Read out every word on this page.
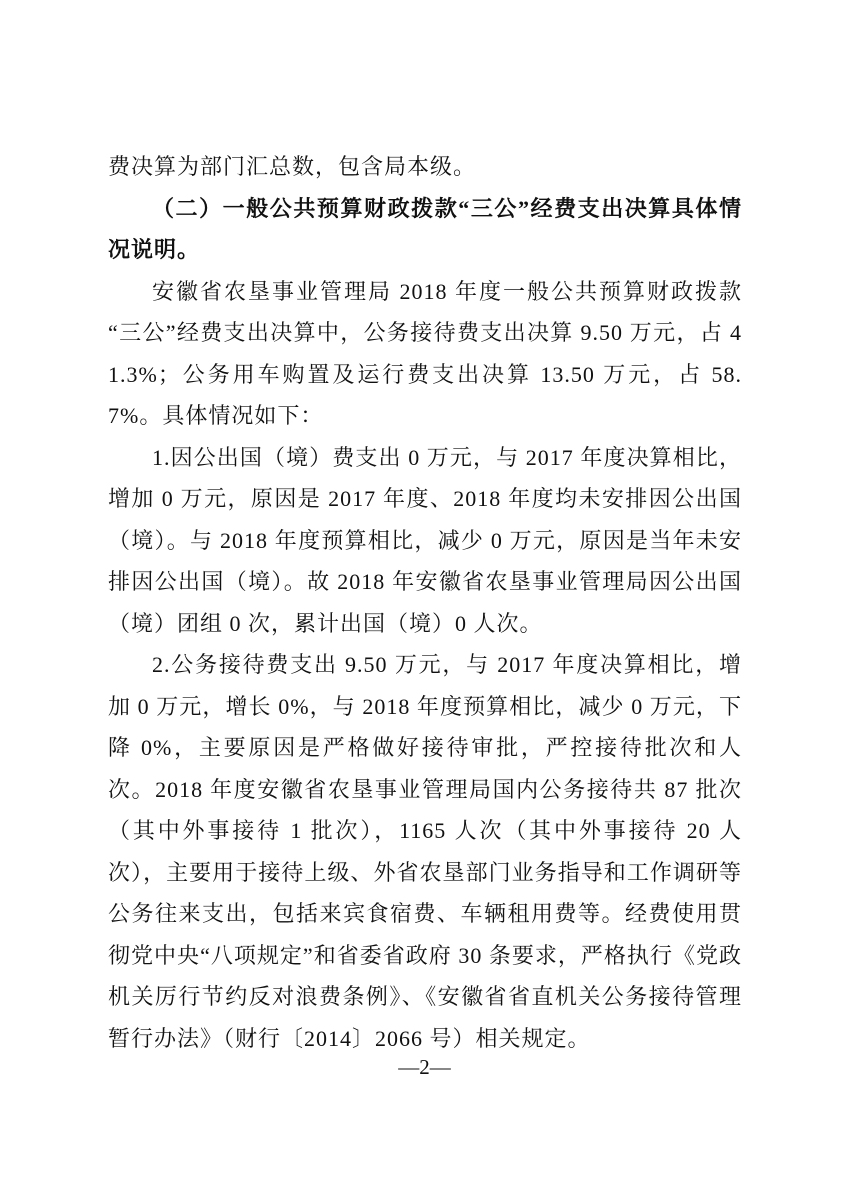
费决算为部门汇总数，包含局本级。

（二）一般公共预算财政拨款“三公”经费支出决算具体情况说明。

安徽省农垦事业管理局 2018 年度一般公共预算财政拨款“三公”经费支出决算中，公务接待费支出决算 9.50 万元，占 41.3%；公务用车购置及运行费支出决算 13.50 万元，占 58.7%。具体情况如下：

1.因公出国（境）费支出 0 万元，与 2017 年度决算相比，增加 0 万元，原因是 2017 年度、2018 年度均未安排因公出国（境）。与 2018 年度预算相比，减少 0 万元，原因是当年未安排因公出国（境）。故 2018 年安徽省农垦事业管理局因公出国（境）团组 0 次，累计出国（境）0 人次。

2.公务接待费支出 9.50 万元，与 2017 年度决算相比，增加 0 万元，增长 0%，与 2018 年度预算相比，减少 0 万元，下降 0%，主要原因是严格做好接待审批，严控接待批次和人次。2018 年度安徽省农垦事业管理局国内公务接待共 87 批次（其中外事接待 1 批次），1165 人次（其中外事接待 20 人次），主要用于接待上级、外省农垦部门业务指导和工作调研等公务往来支出，包括来宾食宿费、车辆租用费等。经费使用贯彻党中央“八项规定”和省委省政府 30 条要求，严格执行《党政机关厉行节约反对浪费条例》、《安徽省省直机关公务接待管理暂行办法》（财行〔2014〕2066 号）相关规定。

—2—
